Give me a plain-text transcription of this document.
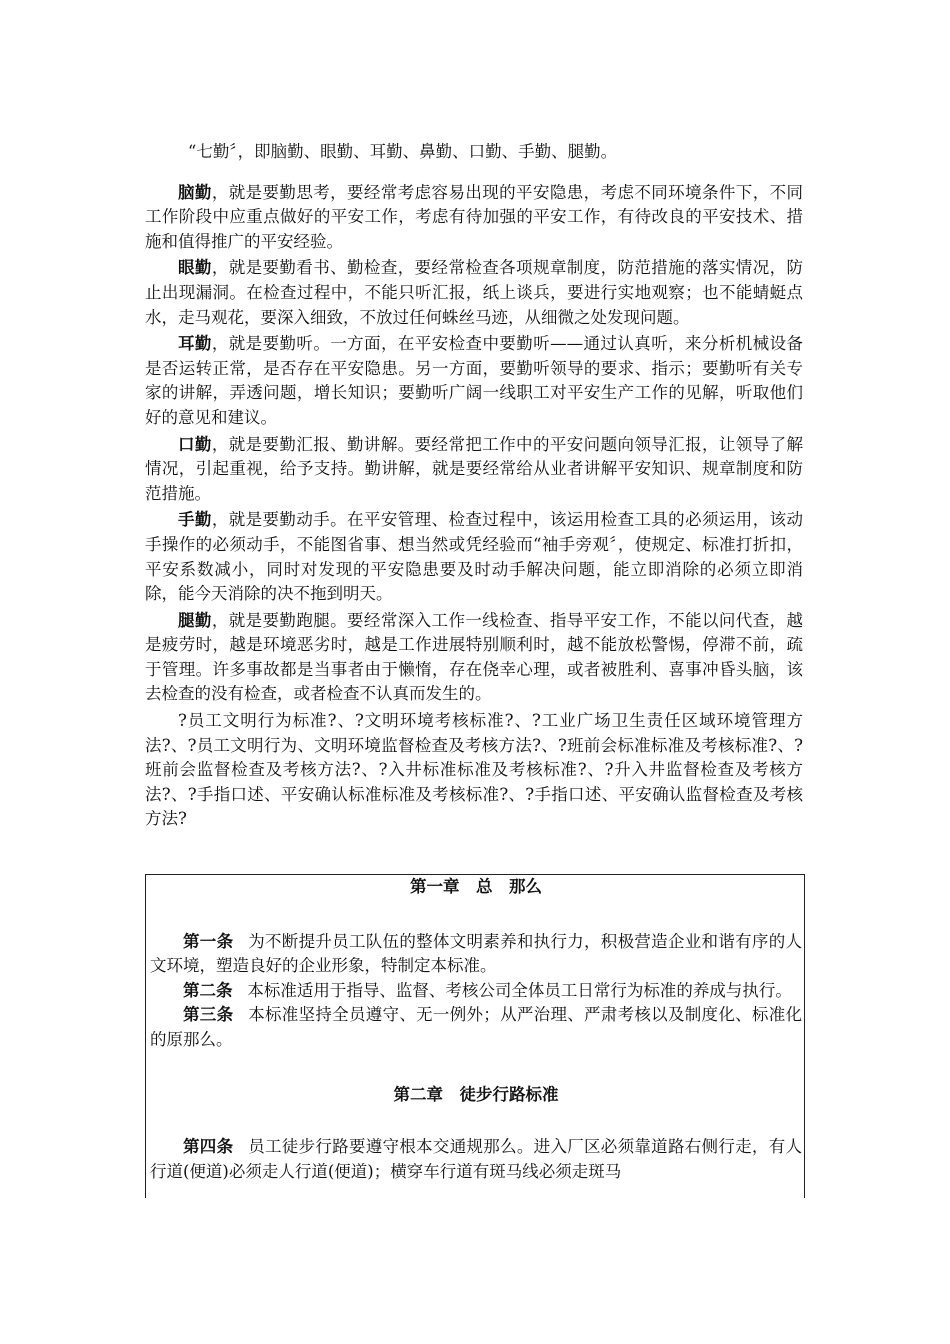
“七勤〞，即脑勤、眼勤、耳勤、鼻勤、口勤、手勤、腿勤。

脑勤，就是要勤思考，要经常考虑容易出现的平安隐患，考虑不同环境条件下，不同工作阶段中应重点做好的平安工作，考虑有待加强的平安工作，有待改良的平安技术、措施和值得推广的平安经验。

眼勤，就是要勤看书、勤检查，要经常检查各项规章制度，防范措施的落实情况，防止出现漏洞。在检查过程中，不能只听汇报，纸上谈兵，要进行实地观察；也不能蜻蜓点水，走马观花，要深入细致，不放过任何蛛丝马迹，从细微之处发现问题。

耳勤，就是要勤听。一方面，在平安检查中要勤听——通过认真听，来分析机械设备是否运转正常，是否存在平安隐患。另一方面，要勤听领导的要求、指示；要勤听有关专家的讲解，弄透问题，增长知识；要勤听广阔一线职工对平安生产工作的见解，听取他们好的意见和建议。

口勤，就是要勤汇报、勤讲解。要经常把工作中的平安问题向领导汇报，让领导了解情况，引起重视，给予支持。勤讲解，就是要经常给从业者讲解平安知识、规章制度和防范措施。

手勤，就是要勤动手。在平安管理、检查过程中，该运用检查工具的必须运用，该动手操作的必须动手，不能图省事、想当然或凭经验而“袖手旁观〞，使规定、标准打折扣，平安系数减小，同时对发现的平安隐患要及时动手解决问题，能立即消除的必须立即消除，能今天消除的决不拖到明天。

腿勤，就是要勤跑腿。要经常深入工作一线检查、指导平安工作，不能以问代查，越是疲劳时，越是环境恶劣时，越是工作进展特别顺利时，越不能放松警惕，停滞不前，疏于管理。许多事故都是当事者由于懒惰，存在侥幸心理，或者被胜利、喜事冲昏头脑，该去检查的没有检查，或者检查不认真而发生的。

?员工文明行为标准?、?文明环境考核标准?、?工业广场卫生责任区域环境管理方法?、?员工文明行为、文明环境监督检查及考核方法?、?班前会标准标准及考核标准?、?班前会监督检查及考核方法?、?入井标准标准及考核标准?、?升入井监督检查及考核方法?、?手指口述、平安确认标准标准及考核标准?、?手指口述、平安确认监督检查及考核方法?

第一章　总　那么

第一条 为不断提升员工队伍的整体文明素养和执行力，积极营造企业和谐有序的人文环境，塑造良好的企业形象，特制定本标准。

第二条 本标准适用于指导、监督、考核公司全体员工日常行为标准的养成与执行。

第三条 本标准坚持全员遵守、无一例外；从严治理、严肃考核以及制度化、标准化的原那么。

第二章　徒步行路标准

第四条 员工徒步行路要遵守根本交通规那么。进入厂区必须靠道路右侧行走，有人行道(便道)必须走人行道(便道)；横穿车行道有斑马线必须走斑马
